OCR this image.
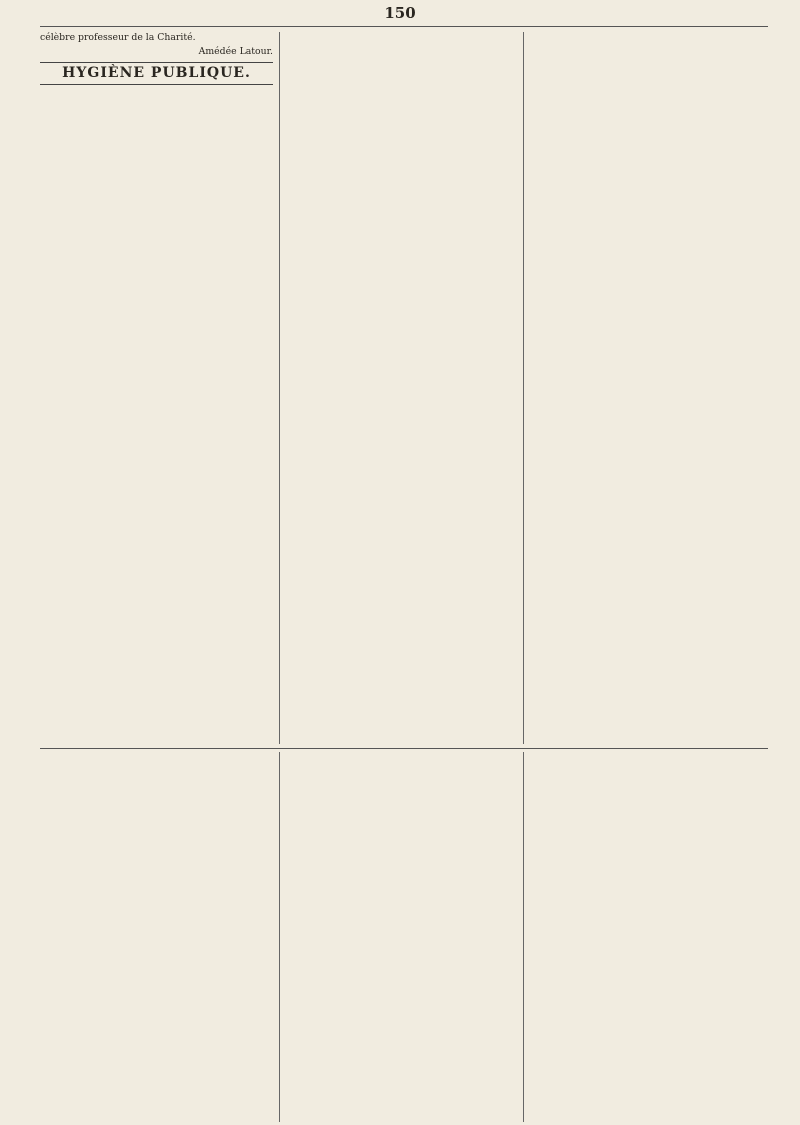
150

célèbre professeur de la Charité.

Amédée Latour.

HYGIÈNE PUBLIQUE.
